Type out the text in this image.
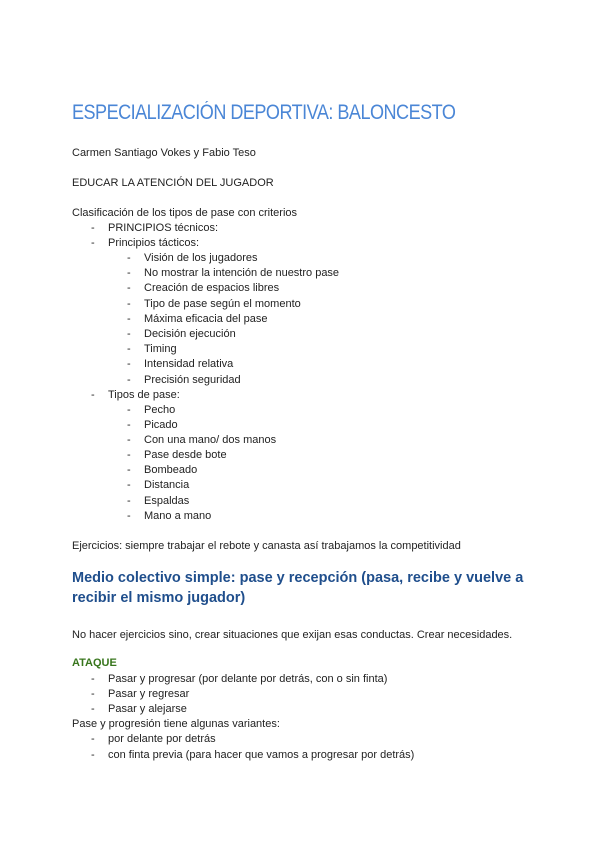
ESPECIALIZACIÓN DEPORTIVA: BALONCESTO
Carmen Santiago Vokes y Fabio Teso
EDUCAR LA ATENCIÓN DEL JUGADOR
Clasificación de los tipos de pase con criterios
- PRINCIPIOS técnicos:
- Principios tácticos:
- Visión de los jugadores
- No mostrar la intención de nuestro pase
- Creación de espacios libres
- Tipo de pase según el momento
- Máxima eficacia del pase
- Decisión ejecución
- Timing
- Intensidad relativa
- Precisión seguridad
- Tipos de pase:
- Pecho
- Picado
- Con una mano/ dos manos
- Pase desde bote
- Bombeado
- Distancia
- Espaldas
- Mano a mano
Ejercicios: siempre trabajar el rebote y canasta así trabajamos la competitividad
Medio colectivo simple: pase y recepción (pasa, recibe y vuelve a recibir el mismo jugador)
No hacer ejercicios sino, crear situaciones que exijan esas conductas. Crear necesidades.
ATAQUE
- Pasar y progresar (por delante por detrás, con o sin finta)
- Pasar y regresar
- Pasar y alejarse
Pase y progresión tiene algunas variantes:
- por delante por detrás
- con finta previa (para hacer que vamos a progresar por detrás)
